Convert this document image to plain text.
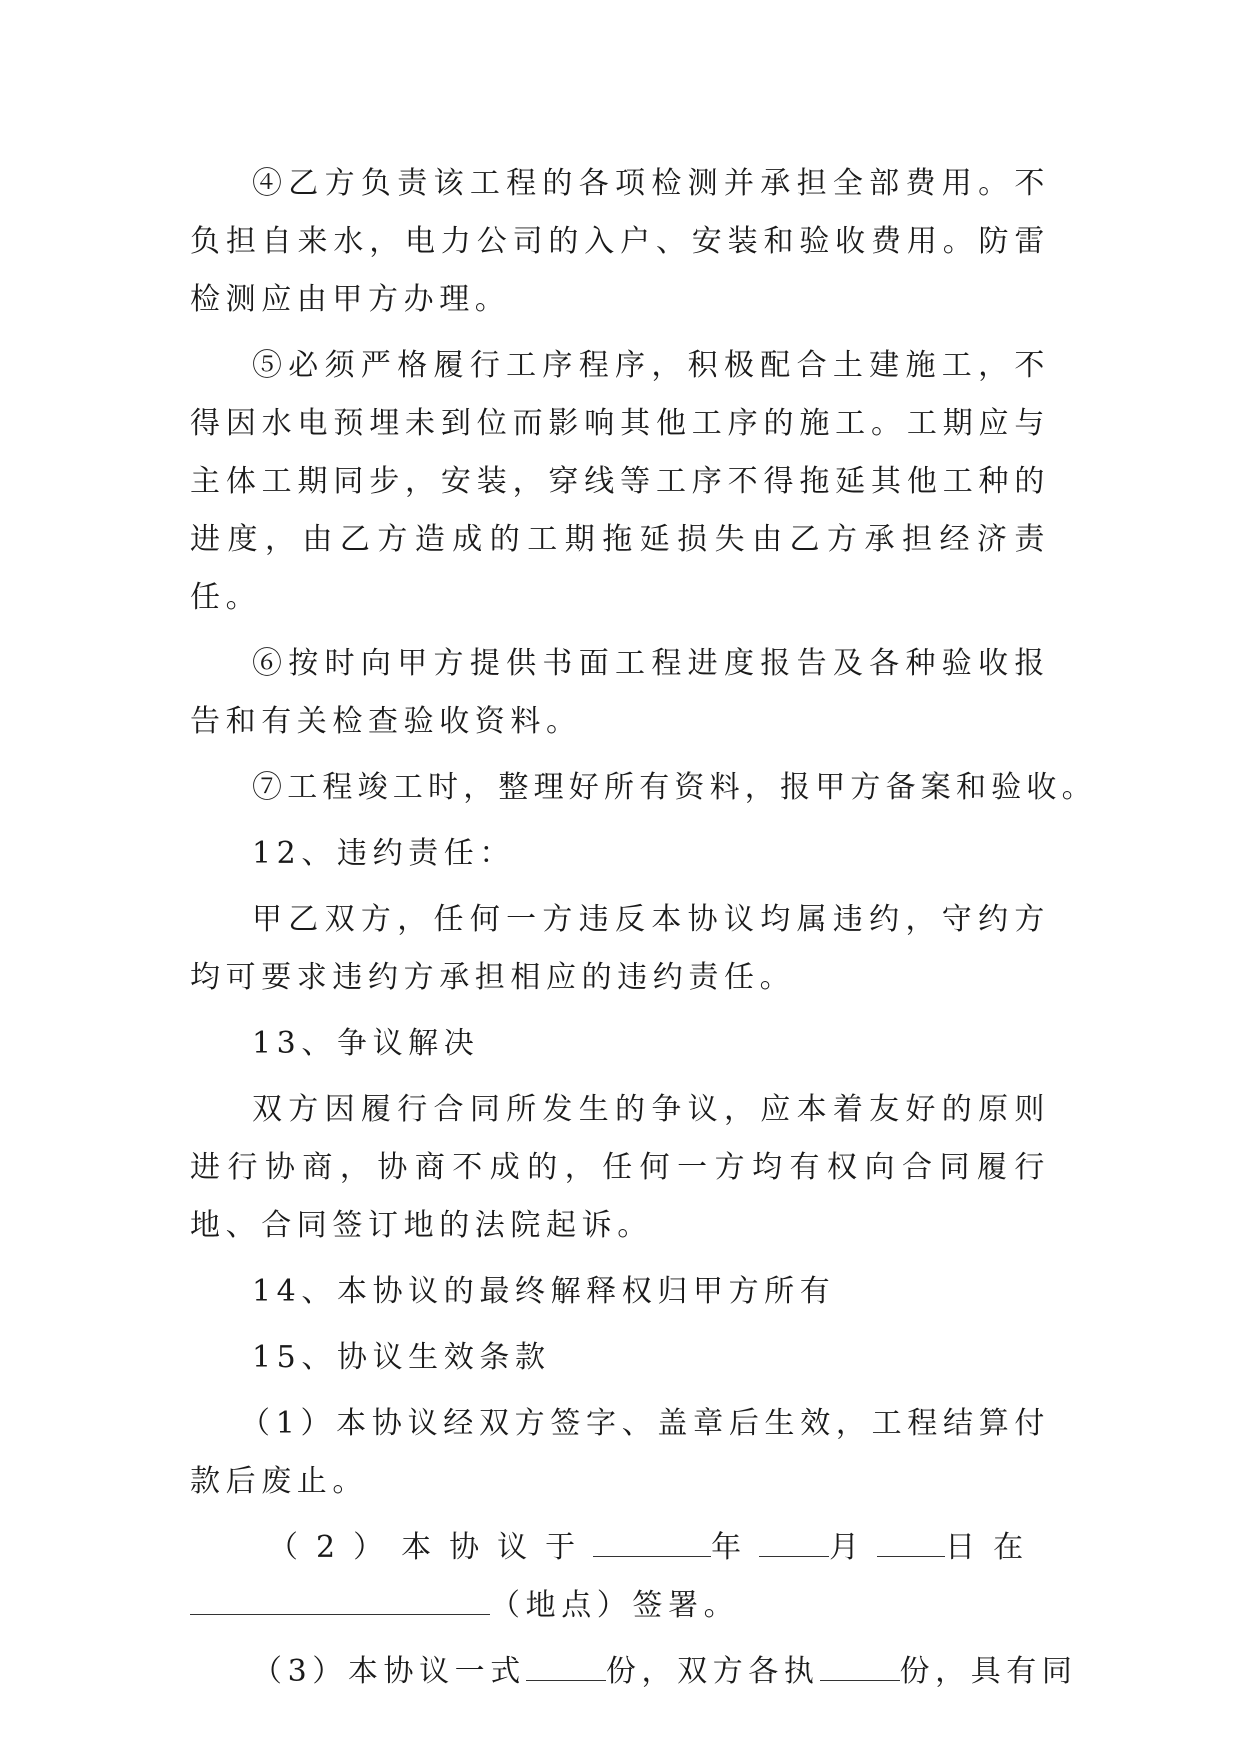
④乙方负责该工程的各项检测并承担全部费用。不负担自来水，电力公司的入户、安装和验收费用。防雷检测应由甲方办理。

⑤必须严格履行工序程序，积极配合土建施工，不得因水电预埋未到位而影响其他工序的施工。工期应与主体工期同步，安装，穿线等工序不得拖延其他工种的进度，由乙方造成的工期拖延损失由乙方承担经济责任。

⑥按时向甲方提供书面工程进度报告及各种验收报告和有关检查验收资料。

⑦工程竣工时，整理好所有资料，报甲方备案和验收。

12、违约责任：

甲乙双方，任何一方违反本协议均属违约，守约方均可要求违约方承担相应的违约责任。

13、争议解决

双方因履行合同所发生的争议，应本着友好的原则进行协商，协商不成的，任何一方均有权向合同履行地、合同签订地的法院起诉。

14、本协议的最终解释权归甲方所有

15、协议生效条款

（1）本协议经双方签字、盖章后生效，工程结算付款后废止。

（2）本协议于	年 月 日在
（地点）签署。

（3）本协议一式	份，双方各执	份，具有同
